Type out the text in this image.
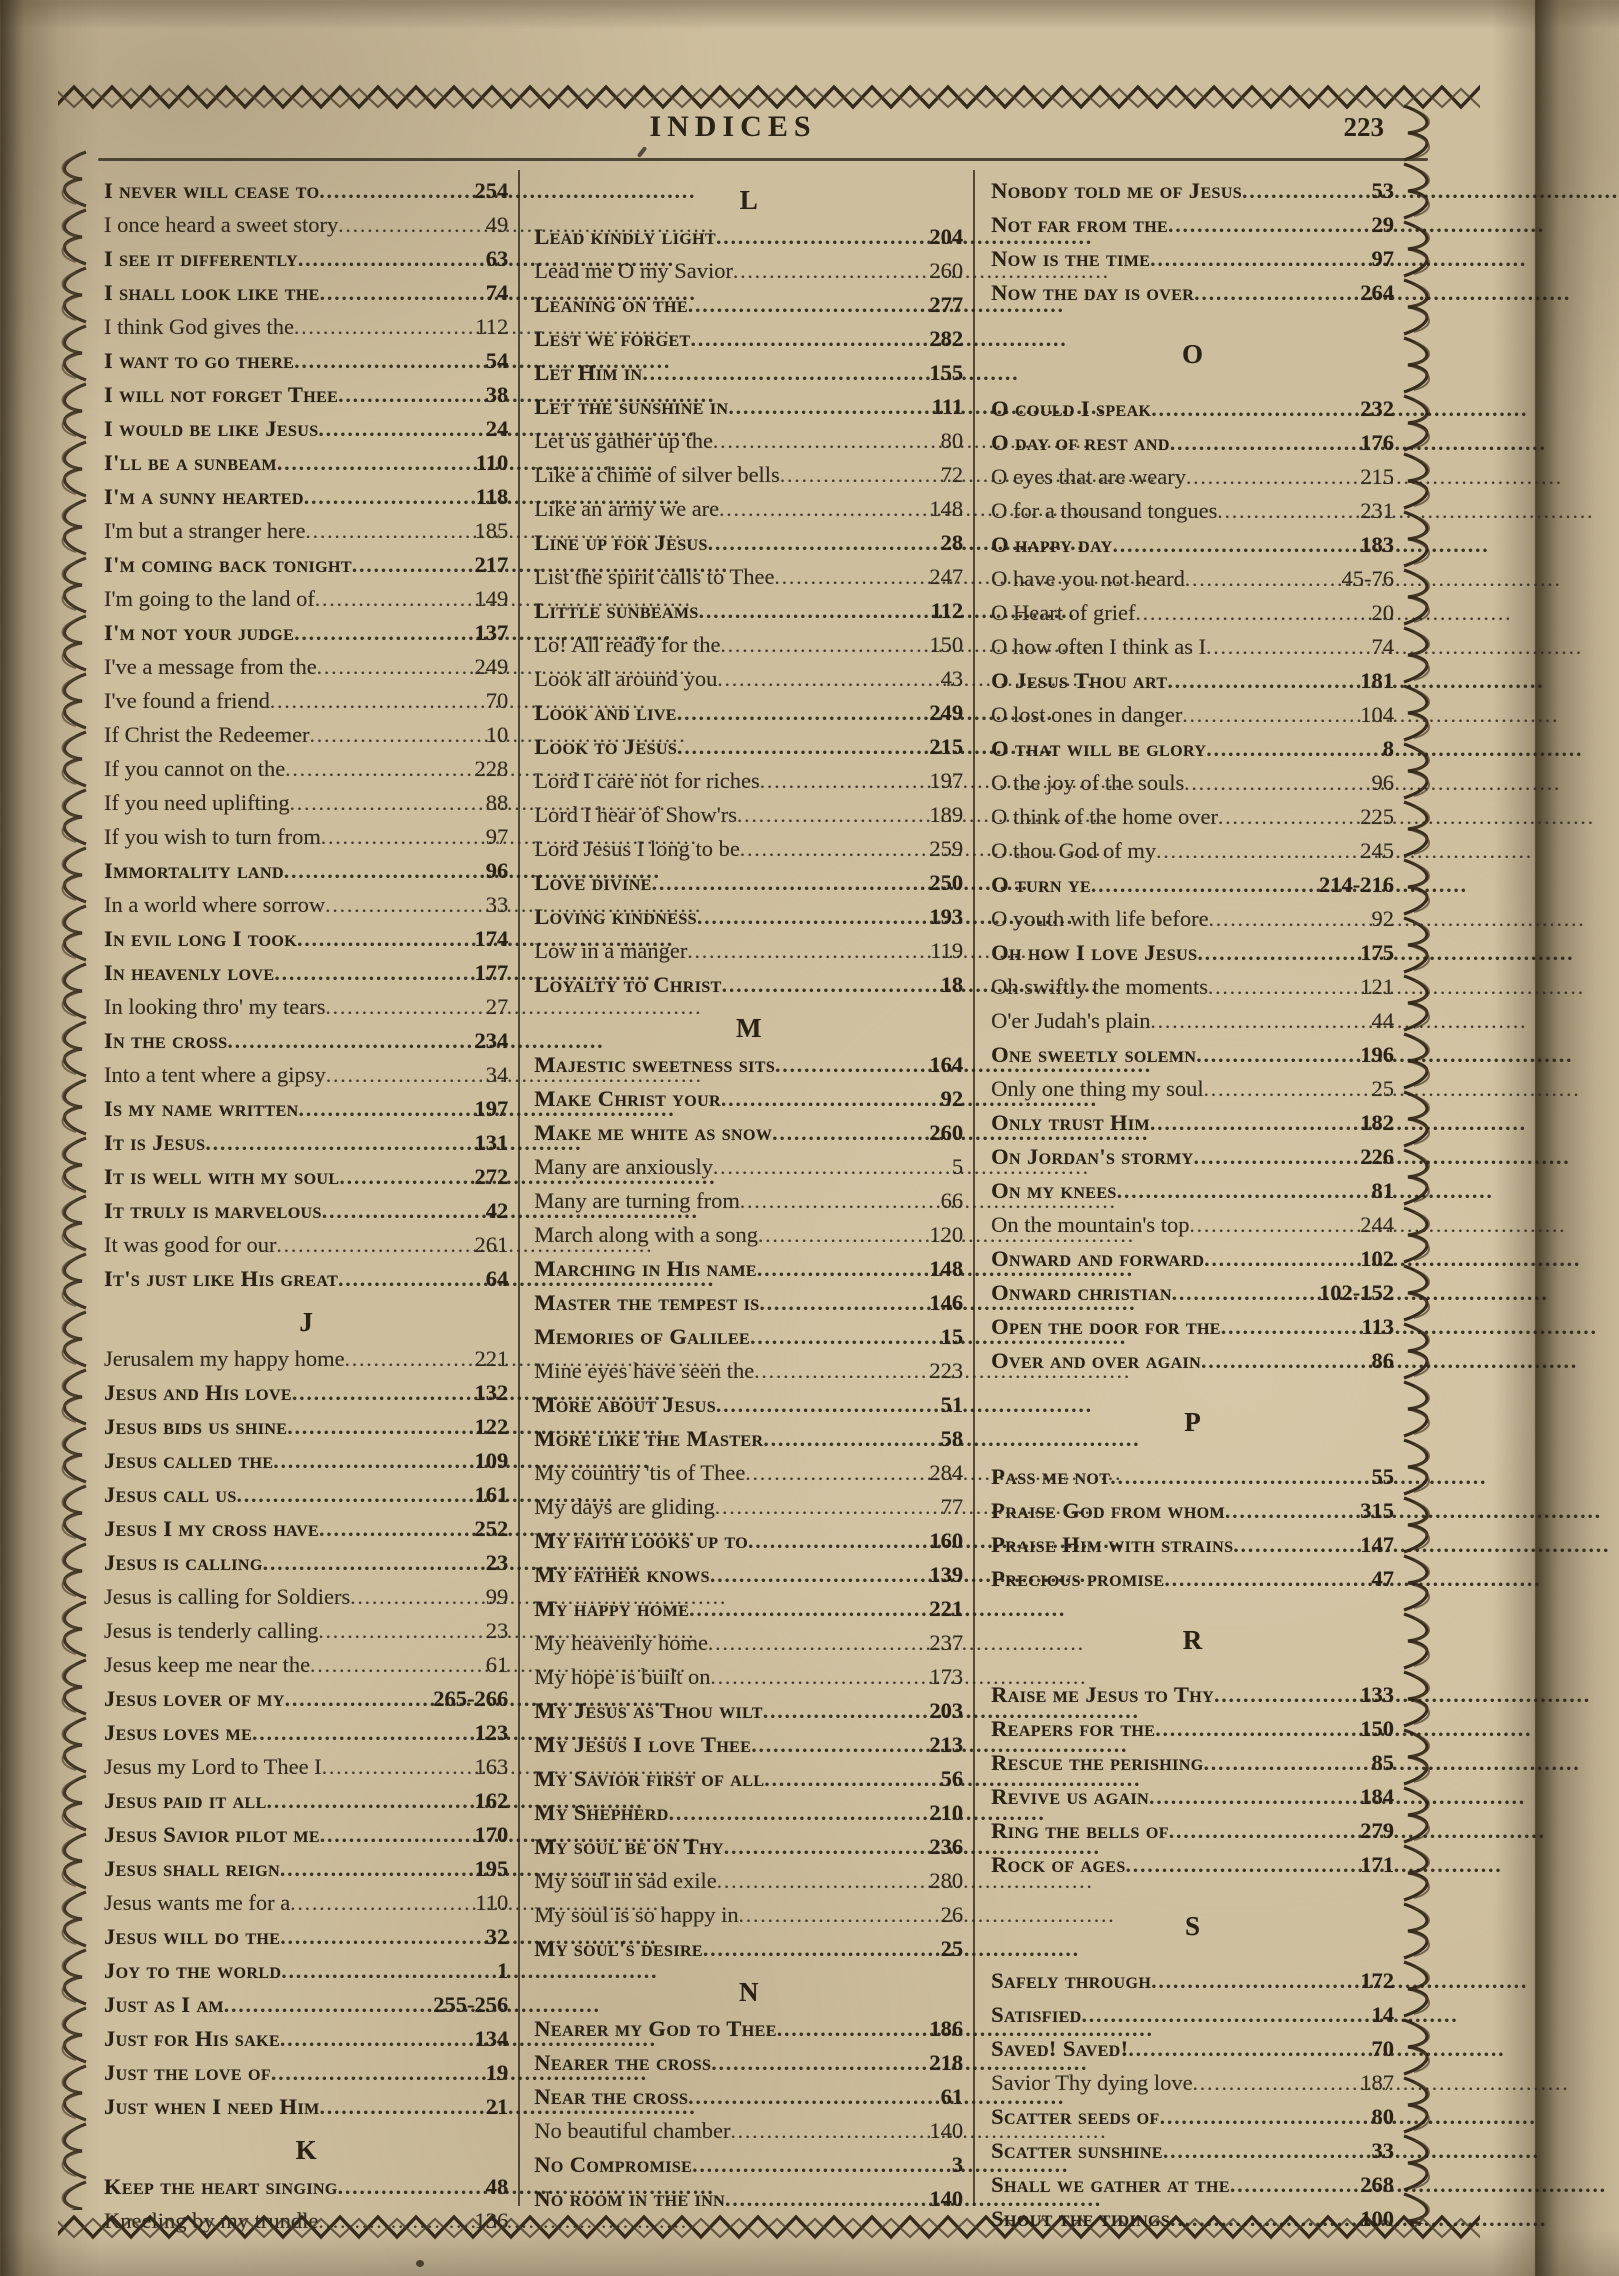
INDICES	223
I never will cease to .....	254
I once heard a sweet story .....	49
I see it differently .....	63
I shall look like the .....	74
I think God gives the .....	112
I want to go there .....	54
I will not forget Thee .....	38
I would be like Jesus .....	24
I'll be a sunbeam .....	110
I'm a sunny hearted .....	118
I'm but a stranger here .....	185
I'm coming back tonight .....	217
I'm going to the land of .....	149
I'm not your judge .....	137
I've a message from the .....	249
I've found a friend .....	70
If Christ the Redeemer .....	10
If you cannot on the .....	228
If you need uplifting .....	88
If you wish to turn from .....	97
Immortality land .....	96
In a world where sorrow .....	33
In evil long I took .....	174
In heavenly love .....	177
In looking thro' my tears .....	27
In the cross .....	234
Into a tent where a gipsy .....	34
Is my name written .....	197
It is Jesus .....	131
It is well with my soul .....	272
It truly is marvelous .....	42
It was good for our .....	261
It's just like His great .....	64
J
Jerusalem my happy home .....	221
Jesus and His love .....	132
Jesus bids us shine .....	122
Jesus called the .....	109
Jesus call us .....	161
Jesus I my cross have .....	252
Jesus is calling .....	23
Jesus is calling for Soldiers .....	99
Jesus is tenderly calling .....	23
Jesus keep me near the .....	61
Jesus lover of my .....	265-266
Jesus loves me .....	123
Jesus my Lord to Thee I .....	163
Jesus paid it all .....	162
Jesus Savior pilot me .....	170
Jesus shall reign .....	195
Jesus wants me for a .....	110
Jesus will do the .....	32
Joy to the world .....	1
Just as I am .....	255-256
Just for His sake .....	134
Just the love of .....	19
Just when I need Him .....	21
K
Keep the heart singing .....	48
Kneeling by my trundle .....	136
L
Lead kindly light .....	204
Lead me O my Savior .....	260
Leaning on the .....	277
Lest we forget .....	282
Let Him in .....	155
Let the sunshine in .....	111
Let us gather up the .....	80
Like a chime of silver bells .....	72
Like an army we are .....	148
Line up for Jesus .....	28
List the spirit calls to Thee .....	247
Little sunbeams .....	112
Lo! All ready for the .....	150
Look all around you .....	43
Look and live .....	249
Look to Jesus .....	215
Lord I care not for riches .....	197
Lord I hear of Show'rs .....	189
Lord Jesus I long to be .....	259
Love divine .....	250
Loving kindness .....	193
Low in a manger .....	119
Loyalty to Christ .....	18
M
Majestic sweetness sits .....	164
Make Christ your .....	92
Make me white as snow .....	260
Many are anxiously .....	5
Many are turning from .....	66
March along with a song .....	120
Marching in His name .....	148
Master the tempest is .....	146
Memories of Galilee .....	15
Mine eyes have seen the .....	223
More about Jesus .....	51
More like the Master .....	58
My country 'tis of Thee .....	284
My days are gliding .....	77
My faith looks up to .....	160
My father knows .....	139
My happy home .....	221
My heavenly home .....	237
My hope is built on .....	173
My Jesus as Thou wilt .....	203
My Jesus I love Thee .....	213
My Savior first of all .....	56
My Shepherd .....	210
My soul be on Thy .....	236
My soul in sad exile .....	280
My soul is so happy in .....	26
My soul's desire .....	25
N
Nearer my God to Thee .....	186
Nearer the cross .....	218
Near the cross .....	61
No beautiful chamber .....	140
No Compromise .....	3
No room in the inn .....	140
Nobody told me of Jesus .....	53
Not far from the .....	29
Now is the time .....	97
Now the day is over .....	264
O
O could I speak .....	232
O day of rest and .....	176
O eyes that are weary .....	215
O for a thousand tongues .....	231
O happy day .....	183
O have you not heard .....	45-76
O Heart of grief .....	20
O how often I think as I .....	74
O Jesus Thou art .....	181
O lost ones in danger .....	104
O that will be glory .....	8
O the joy of the souls .....	96
O think of the home over .....	225
O thou God of my .....	245
O turn ye .....	214-216
O youth with life before .....	92
Oh how I love Jesus .....	175
Oh swiftly the moments .....	121
O'er Judah's plain .....	44
One sweetly solemn .....	196
Only one thing my soul .....	25
Only trust Him .....	182
On Jordan's stormy .....	226
On my knees .....	81
On the mountain's top .....	244
Onward and forward .....	102
Onward christian .....	102-152
Open the door for the .....	113
Over and over again .....	86
P
Pass me not .....	55
Praise God from whom .....	315
Praise Him with strains .....	147
Precious promise .....	47
R
Raise me Jesus to Thy .....	133
Reapers for the .....	150
Rescue the perishing .....	85
Revive us again .....	184
Ring the bells of .....	279
Rock of ages .....	171
S
Safely through .....	172
Satisfied .....	14
Saved! Saved! .....	70
Savior Thy dying love .....	187
Scatter seeds of .....	80
Scatter sunshine .....	33
Shall we gather at the .....	268
Shout the tidings .....	100
